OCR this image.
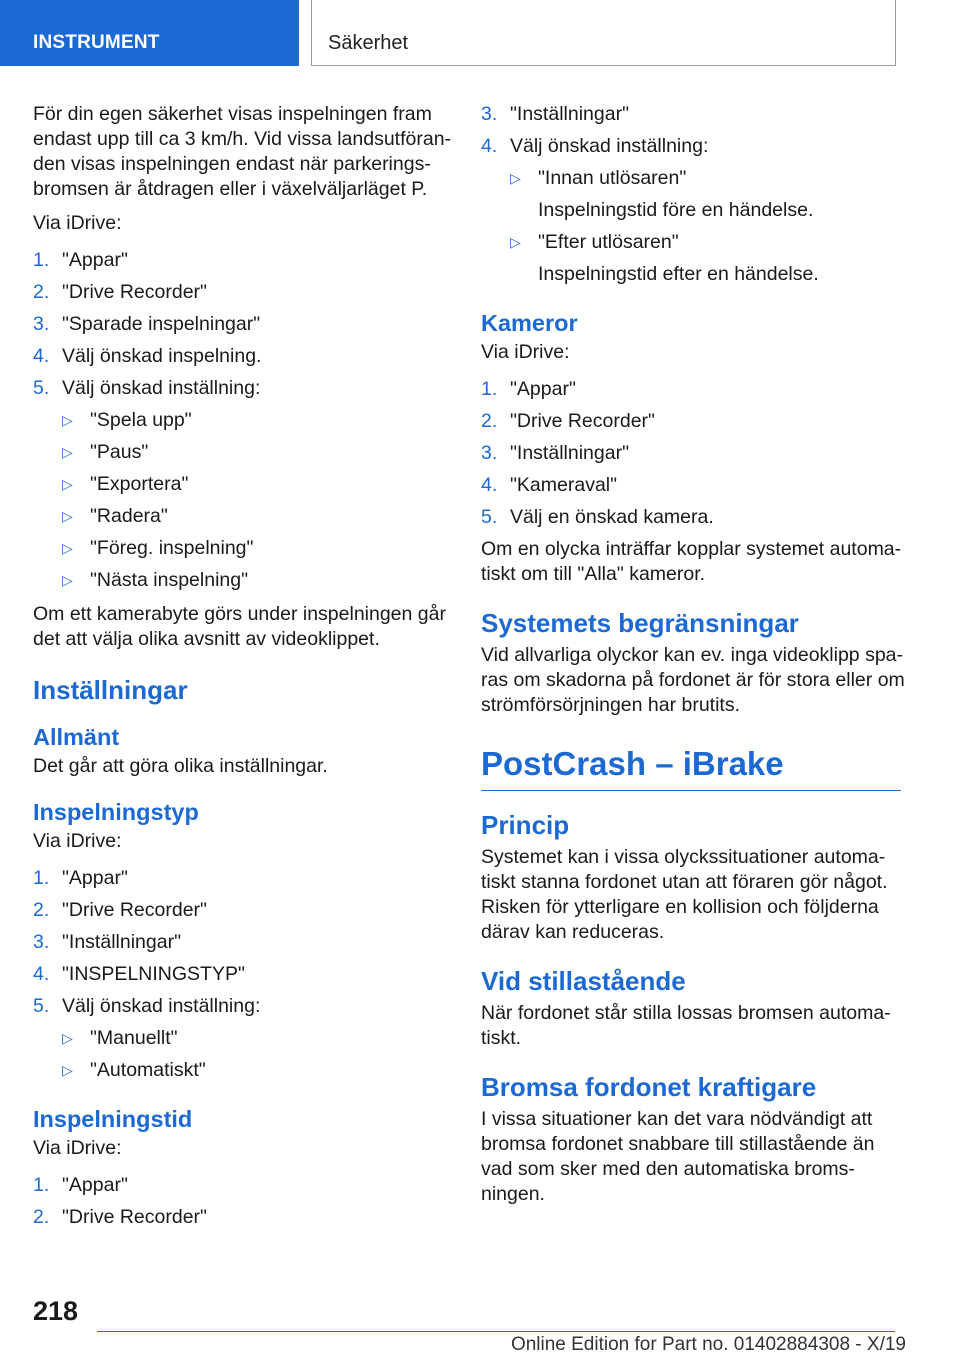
INSTRUMENT	Säkerhet
För din egen säkerhet visas inspelningen fram
endast upp till ca 3 km/h. Vid vissa landsutföran-
den visas inspelningen endast när parkerings-
bromsen är åtdragen eller i växelväljarläget P.
Via iDrive:
1. "Appar"
2. "Drive Recorder"
3. "Sparade inspelningar"
4. Välj önskad inspelning.
5. Välj önskad inställning:
▷ "Spela upp"
▷ "Paus"
▷ "Exportera"
▷ "Radera"
▷ "Föreg. inspelning"
▷ "Nästa inspelning"
Om ett kamerabyte görs under inspelningen går
det att välja olika avsnitt av videoklippet.
Inställningar
Allmänt
Det går att göra olika inställningar.
Inspelningstyp
Via iDrive:
1. "Appar"
2. "Drive Recorder"
3. "Inställningar"
4. "INSPELNINGSTYP"
5. Välj önskad inställning:
▷ "Manuellt"
▷ "Automatiskt"
Inspelningstid
Via iDrive:
1. "Appar"
2. "Drive Recorder"
3. "Inställningar"
4. Välj önskad inställning:
▷ "Innan utlösaren"
Inspelningstid före en händelse.
▷ "Efter utlösaren"
Inspelningstid efter en händelse.
Kameror
Via iDrive:
1. "Appar"
2. "Drive Recorder"
3. "Inställningar"
4. "Kameraval"
5. Välj en önskad kamera.
Om en olycka inträffar kopplar systemet automa-
tiskt om till "Alla" kameror.
Systemets begränsningar
Vid allvarliga olyckor kan ev. inga videoklipp spa-
ras om skadorna på fordonet är för stora eller om
strömförsörjningen har brutits.
PostCrash – iBrake
Princip
Systemet kan i vissa olyckssituationer automa-
tiskt stanna fordonet utan att föraren gör något.
Risken för ytterligare en kollision och följderna
därav kan reduceras.
Vid stillastående
När fordonet står stilla lossas bromsen automa-
tiskt.
Bromsa fordonet kraftigare
I vissa situationer kan det vara nödvändigt att
bromsa fordonet snabbare till stillastående än
vad som sker med den automatiska broms-
ningen.
218
Online Edition for Part no. 01402884308 - X/19
